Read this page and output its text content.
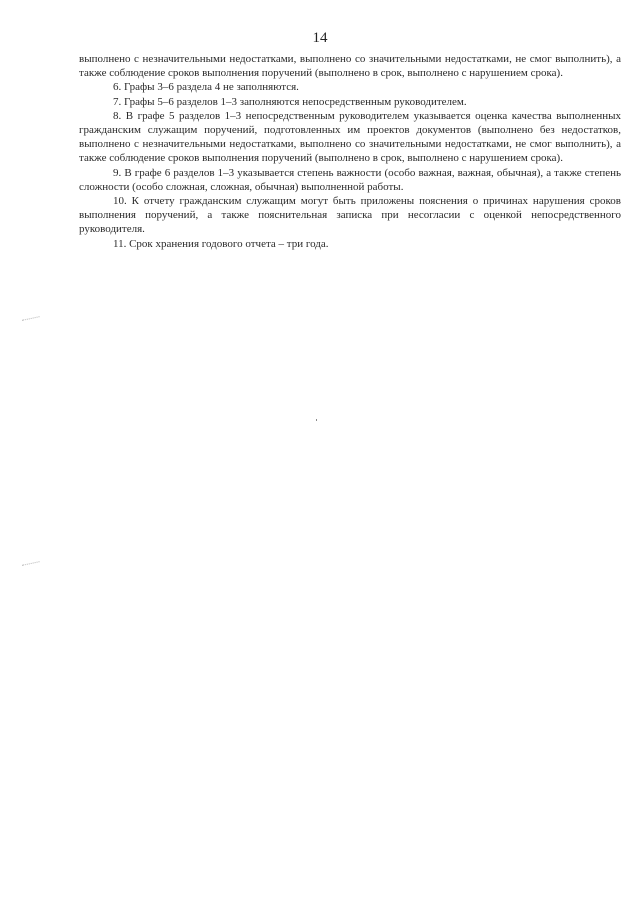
14

выполнено с незначительными недостатками, выполнено со значительными недостатками, не смог выполнить), а также соблюдение сроков выполнения поручений (выполнено в срок, выполнено с нарушением срока).

6. Графы 3–6 раздела 4 не заполняются.

7. Графы 5–6 разделов 1–3 заполняются непосредственным руководителем.

8. В графе 5 разделов 1–3 непосредственным руководителем указывается оценка качества выполненных гражданским служащим поручений, подготовленных им проектов документов (выполнено без недостатков, выполнено с незначительными недостатками, выполнено со значительными недостатками, не смог выполнить), а также соблюдение сроков выполнения поручений (выполнено в срок, выполнено с нарушением срока).

9. В графе 6 разделов 1–3 указывается степень важности (особо важная, важная, обычная), а также степень сложности (особо сложная, сложная, обычная) выполненной работы.

10. К отчету гражданским служащим могут быть приложены пояснения о причинах нарушения сроков выполнения поручений, а также пояснительная записка при несогласии с оценкой непосредственного руководителя.

11. Срок хранения годового отчета – три года.
